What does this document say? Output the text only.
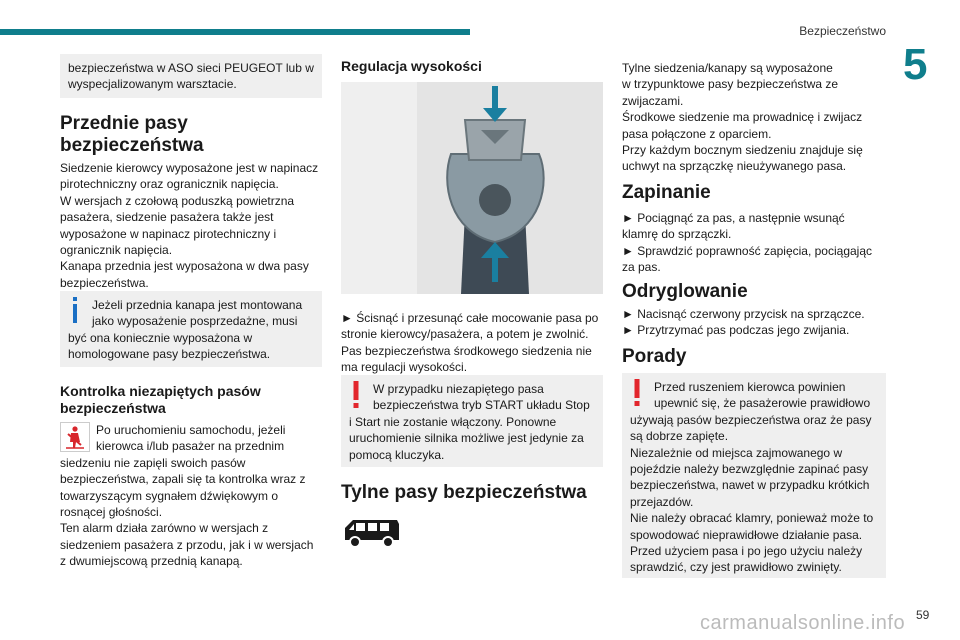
Bezpieczeństwo
5
59
carmanualsonline.info
bezpieczeństwa w ASO sieci PEUGEOT lub w wyspecjalizowanym warsztacie.
Przednie pasy
bezpieczeństwa
Siedzenie kierowcy wyposażone jest w napinacz
pirotechniczny oraz ogranicznik napięcia.
W wersjach z czołową poduszką powietrzna
pasażera, siedzenie pasażera także jest
wyposażone w napinacz pirotechniczny i
ogranicznik napięcia.
Kanapa przednia jest wyposażona w dwa pasy
bezpieczeństwa.
Jeżeli przednia kanapa jest montowana
jako wyposażenie posprzedażne, musi
być ona koniecznie wyposażona w
homologowane pasy bezpieczeństwa.
Kontrolka niezapiętych pasów
bezpieczeństwa
Po uruchomieniu samochodu, jeżeli
kierowca i/lub pasażer na przednim
siedzeniu nie zapięli swoich pasów
bezpieczeństwa, zapali się ta kontrolka wraz z
towarzyszącym sygnałem dźwiękowym o
rosnącej głośności.
Ten alarm działa zarówno w wersjach z
siedzeniem pasażera z przodu, jak i w wersjach
z dwumiejscową przednią kanapą.
Regulacja wysokości
► Ścisnąć i przesunąć całe mocowanie pasa po
stronie kierowcy/pasażera, a potem je zwolnić.
Pas bezpieczeństwa środkowego siedzenia nie
ma regulacji wysokości.
W przypadku niezapiętego pasa
bezpieczeństwa tryb START układu Stop
i Start nie zostanie włączony. Ponowne
uruchomienie silnika możliwe jest jedynie za
pomocą kluczyka.
Tylne pasy bezpieczeństwa
Tylne siedzenia/kanapy są wyposażone
w trzypunktowe pasy bezpieczeństwa ze
zwijaczami.
Środkowe siedzenie ma prowadnicę i zwijacz
pasa połączone z oparciem.
Przy każdym bocznym siedzeniu znajduje się
uchwyt na sprzączkę nieużywanego pasa.
Zapinanie
► Pociągnąć za pas, a następnie wsunąć
klamrę do sprzączki.
► Sprawdzić poprawność zapięcia, pociągając
za pas.
Odryglowanie
► Nacisnąć czerwony przycisk na sprzączce.
► Przytrzymać pas podczas jego zwijania.
Porady
Przed ruszeniem kierowca powinien
upewnić się, że pasażerowie prawidłowo
używają pasów bezpieczeństwa oraz że pasy
są dobrze zapięte.
Niezależnie od miejsca zajmowanego w
pojeździe należy bezwzględnie zapinać pasy
bezpieczeństwa, nawet w przypadku krótkich
przejazdów.
Nie należy obracać klamry, ponieważ może to
spowodować nieprawidłowe działanie pasa.
Przed użyciem pasa i po jego użyciu należy
sprawdzić, czy jest prawidłowo zwinięty.
